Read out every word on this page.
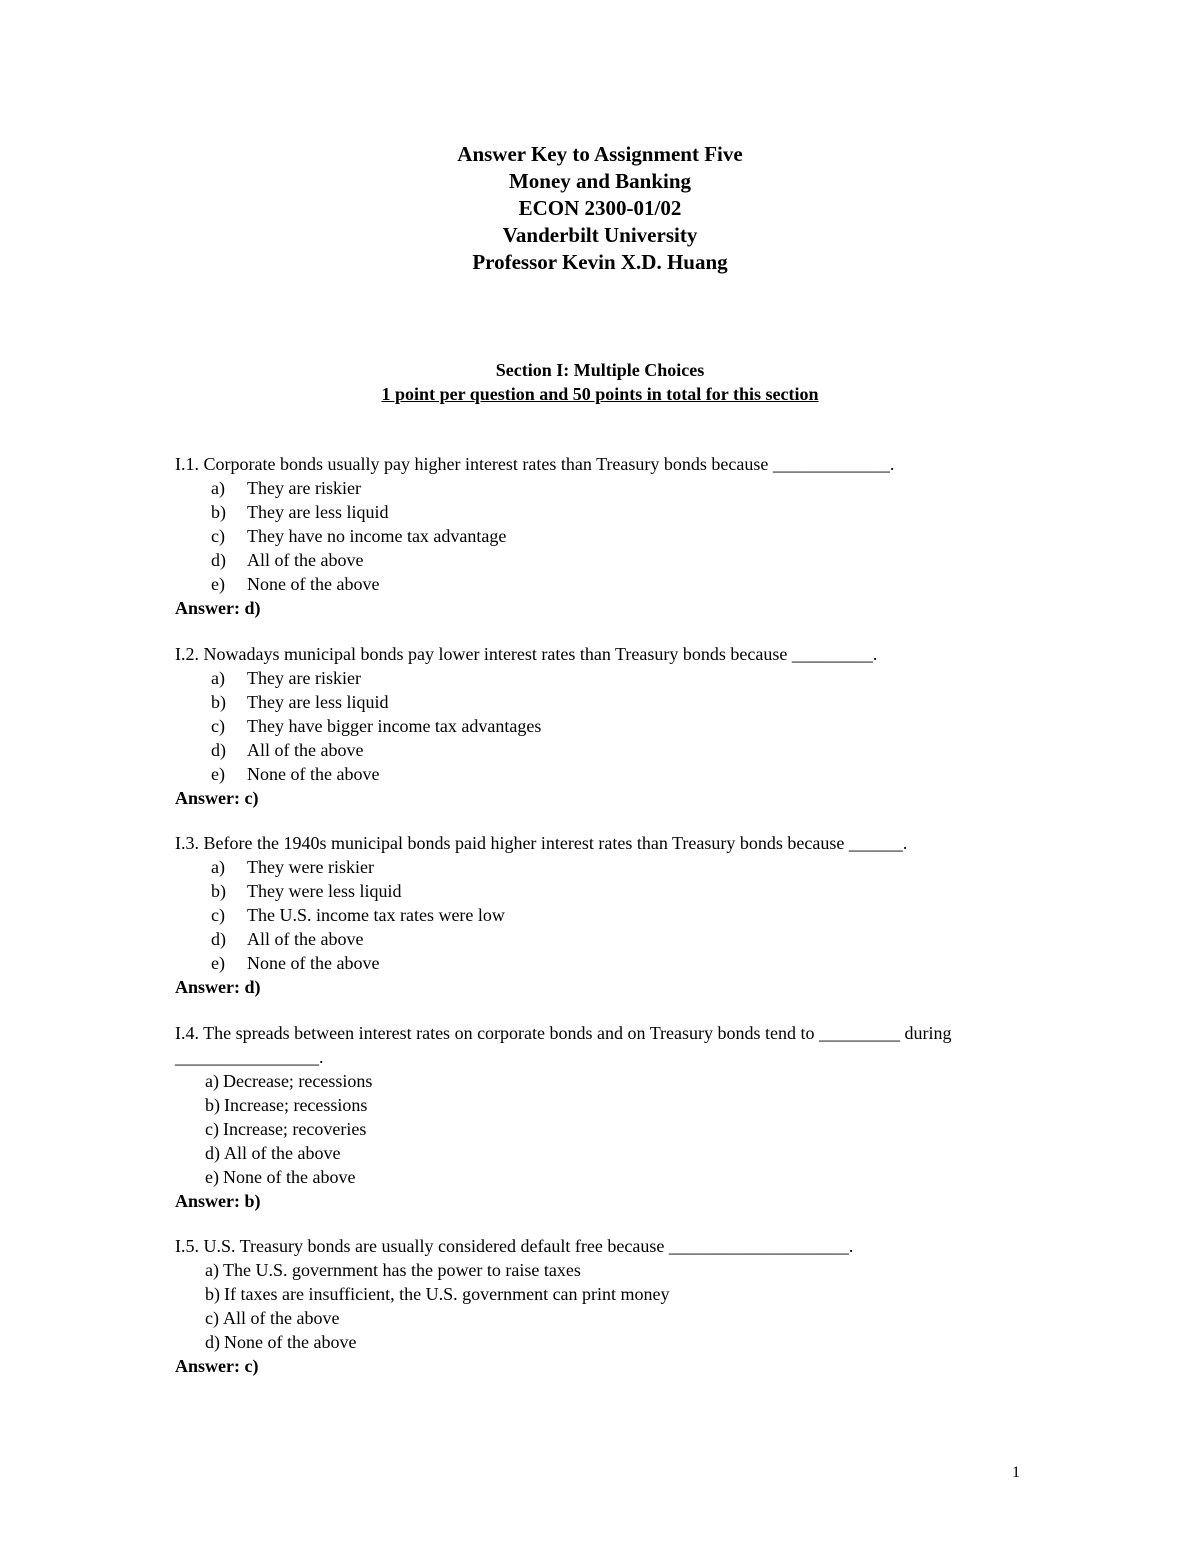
Answer Key to Assignment Five
Money and Banking
ECON 2300-01/02
Vanderbilt University
Professor Kevin X.D. Huang
Section I: Multiple Choices
1 point per question and 50 points in total for this section

I.1. Corporate bonds usually pay higher interest rates than Treasury bonds because _____________.

a)	They are riskier
b)	They are less liquid
c)	They have no income tax advantage
d)	All of the above
e)	None of the above
Answer: d)

I.2. Nowadays municipal bonds pay lower interest rates than Treasury bonds because _________.

a)	They are riskier
b)	They are less liquid
c)	They have bigger income tax advantages
d)	All of the above
e)	None of the above
Answer: c)

I.3. Before the 1940s municipal bonds paid higher interest rates than Treasury bonds because ______.

a)	They were riskier
b)	They were less liquid
c)	The U.S. income tax rates were low
d)	All of the above
e)	None of the above
Answer: d)

I.4. The spreads between interest rates on corporate bonds and on Treasury bonds tend to _________ during ________________.

a) Decrease; recessions
b) Increase; recessions
c) Increase; recoveries
d) All of the above
e) None of the above
Answer: b)

I.5. U.S. Treasury bonds are usually considered default free because ____________________.

a) The U.S. government has the power to raise taxes
b) If taxes are insufficient, the U.S. government can print money
c) All of the above
d) None of the above
Answer: c)
1
